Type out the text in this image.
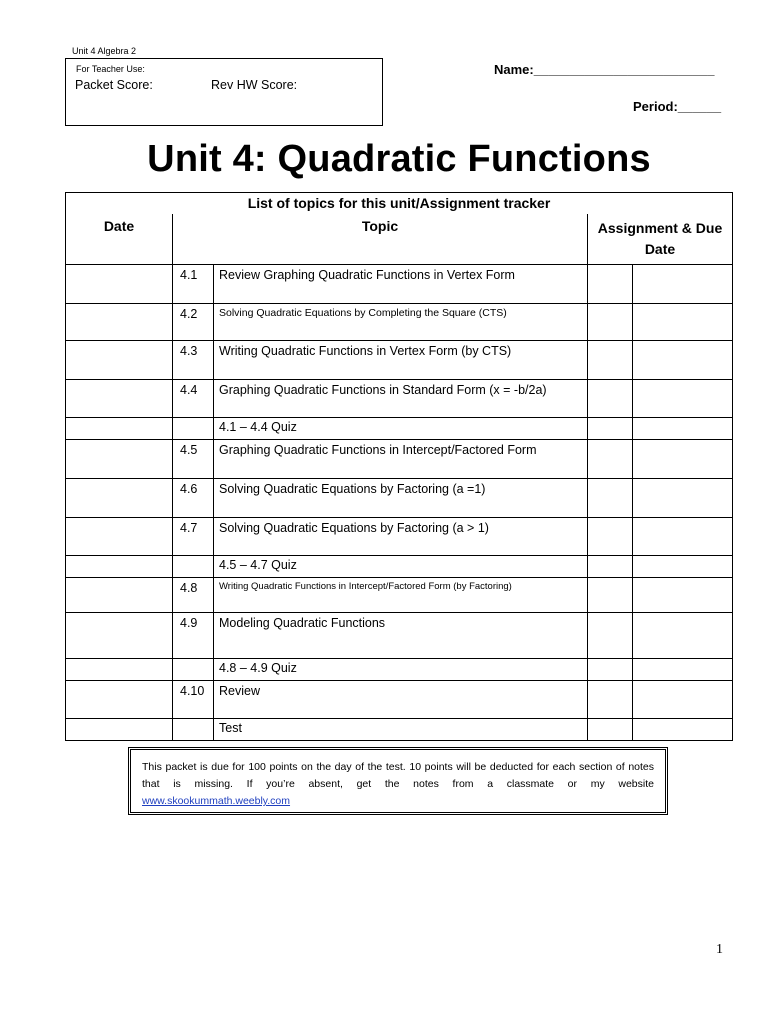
Unit 4 Algebra 2
For Teacher Use:
Packet Score:	Rev HW Score:
Name:_________________________
Period:______
Unit 4: Quadratic Functions
List of topics for this unit/Assignment tracker				
Date	Topic		Assignment & Due Date	
	4.1	Review Graphing Quadratic Functions in Vertex Form		
	4.2	Solving Quadratic Equations by Completing the Square (CTS)		
	4.3	Writing Quadratic Functions in Vertex Form (by CTS)		
	4.4	Graphing Quadratic Functions in Standard Form (x = -b/2a)		
		4.1 – 4.4 Quiz		
	4.5	Graphing Quadratic Functions in Intercept/Factored Form		
	4.6	Solving Quadratic Equations by Factoring (a =1)		
	4.7	Solving Quadratic Equations by Factoring (a > 1)		
		4.5 – 4.7 Quiz		
	4.8	Writing Quadratic Functions in Intercept/Factored Form (by Factoring)		
	4.9	Modeling Quadratic Functions		
		4.8 – 4.9 Quiz		
	4.10	Review		
		Test		
This packet is due for 100 points on the day of the test. 10 points will be deducted for each section of notes that is missing. If you’re absent, get the notes from a classmate or my website www.skookummath.weebly.com
1
